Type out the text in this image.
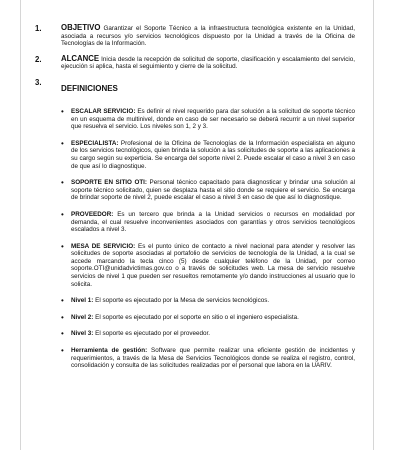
1. OBJETIVO Garantizar el Soporte Técnico a la infraestructura tecnológica existente en la Unidad, asociada a recursos y/o servicios tecnológicos dispuesto por la Unidad a través de la Oficina de Tecnologías de la Información.
2. ALCANCE Inicia desde la recepción de solicitud de soporte, clasificación y escalamiento del servicio, ejecución si aplica, hasta el seguimiento y cierre de la solicitud.
3.
DEFINICIONES
• ESCALAR SERVICIO: Es definir el nivel requerido para dar solución a la solicitud de soporte técnico en un esquema de multinivel, donde en caso de ser necesario se deberá recurrir a un nivel superior que resuelva el servicio. Los niveles son 1, 2 y 3.
• ESPECIALISTA: Profesional de la Oficina de Tecnologías de la Información especialista en alguno de los servicios tecnológicos, quien brinda la solución a las solicitudes de soporte a las aplicaciones a su cargo según su experticia. Se encarga del soporte nivel 2. Puede escalar el caso a nivel 3 en caso de que así lo diagnostique.
• SOPORTE EN SITIO OTI: Personal técnico capacitado para diagnosticar y brindar una solución al soporte técnico solicitado, quien se desplaza hasta el sitio donde se requiere el servicio. Se encarga de brindar soporte de nivel 2, puede escalar el caso a nivel 3 en caso de que así lo diagnostique.
• PROVEEDOR: Es un tercero que brinda a la Unidad servicios o recursos en modalidad por demanda, el cual resuelve inconvenientes asociados con garantías y otros servicios tecnológicos escalados a nivel 3.
• MESA DE SERVICIO: Es el punto único de contacto a nivel nacional para atender y resolver las solicitudes de soporte asociadas al portafolio de servicios de tecnología de la Unidad, a la cual se accede marcando la tecla cinco (5) desde cualquier teléfono de la Unidad, por correo soporte.OTI@unidadvictimas.gov.co o a través de solicitudes web. La mesa de servicio resuelve servicios de nivel 1 que pueden ser resueltos remotamente y/o dando instrucciones al usuario que lo solicita.
• Nivel 1: El soporte es ejecutado por la Mesa de servicios tecnológicos.
• Nivel 2: El soporte es ejecutado por el soporte en sitio o el ingeniero especialista.
• Nivel 3: El soporte es ejecutado por el proveedor.
• Herramienta de gestión: Software que permite realizar una eficiente gestión de incidentes y requerimientos, a través de la Mesa de Servicios Tecnológicos donde se realiza el registro, control, consolidación y consulta de las solicitudes realizadas por el personal que labora en la UARIV.
